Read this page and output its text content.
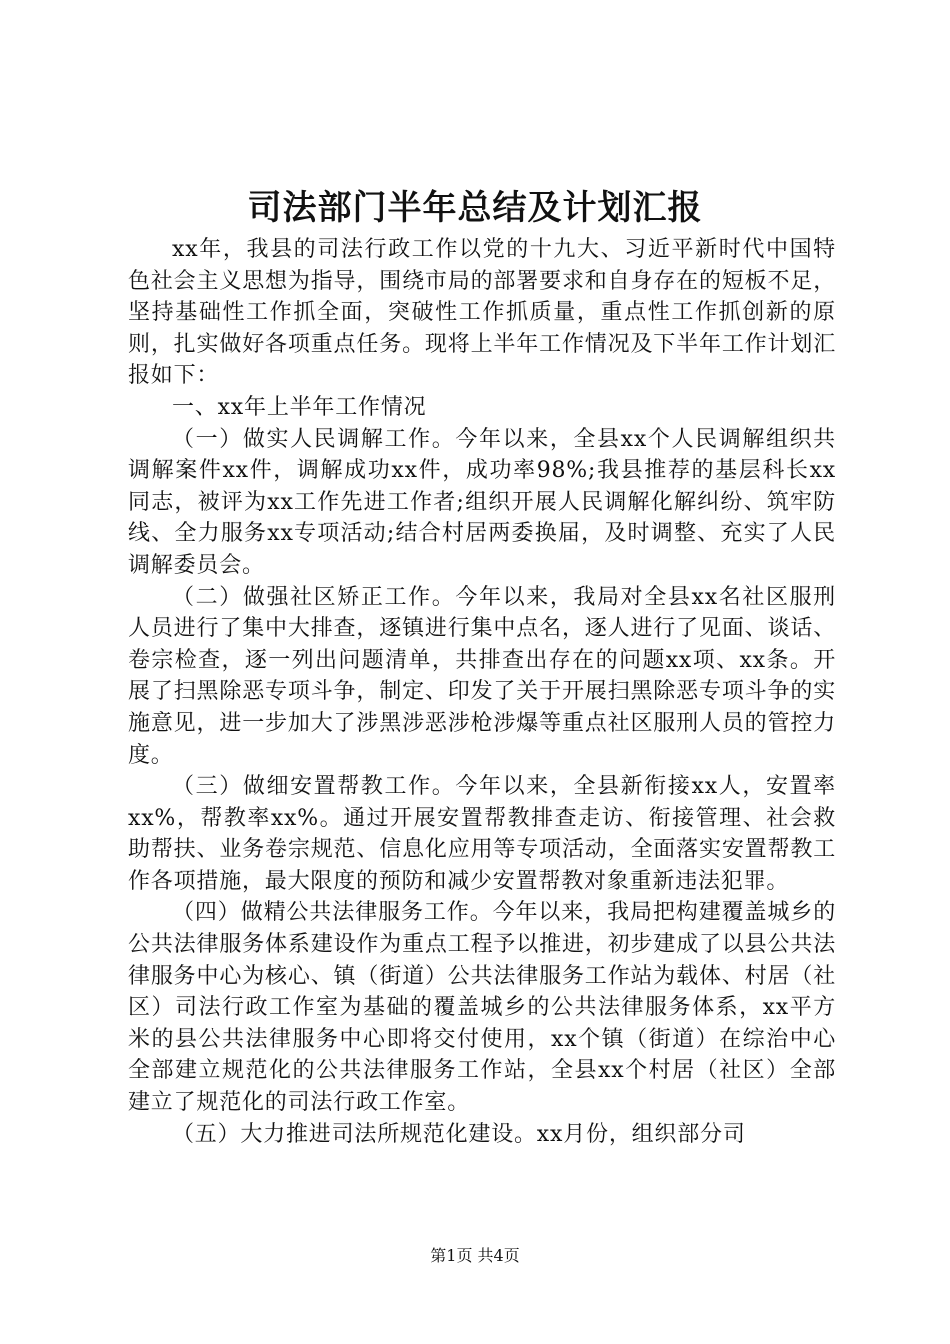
司法部门半年总结及计划汇报

xx年，我县的司法行政工作以党的十九大、习近平新时代中国特色社会主义思想为指导，围绕市局的部署要求和自身存在的短板不足，坚持基础性工作抓全面，突破性工作抓质量，重点性工作抓创新的原则，扎实做好各项重点任务。现将上半年工作情况及下半年工作计划汇报如下：

一、xx年上半年工作情况

（一）做实人民调解工作。今年以来，全县xx个人民调解组织共调解案件xx件，调解成功xx件，成功率98%;我县推荐的基层科长xx同志，被评为xx工作先进工作者;组织开展人民调解化解纠纷、筑牢防线、全力服务xx专项活动;结合村居两委换届，及时调整、充实了人民调解委员会。

（二）做强社区矫正工作。今年以来，我局对全县xx名社区服刑人员进行了集中大排查，逐镇进行集中点名，逐人进行了见面、谈话、卷宗检查，逐一列出问题清单，共排查出存在的问题xx项、xx条。开展了扫黑除恶专项斗争，制定、印发了关于开展扫黑除恶专项斗争的实施意见，进一步加大了涉黑涉恶涉枪涉爆等重点社区服刑人员的管控力度。

（三）做细安置帮教工作。今年以来，全县新衔接xx人，安置率xx%，帮教率xx%。通过开展安置帮教排查走访、衔接管理、社会救助帮扶、业务卷宗规范、信息化应用等专项活动，全面落实安置帮教工作各项措施，最大限度的预防和减少安置帮教对象重新违法犯罪。

（四）做精公共法律服务工作。今年以来，我局把构建覆盖城乡的公共法律服务体系建设作为重点工程予以推进，初步建成了以县公共法律服务中心为核心、镇（街道）公共法律服务工作站为载体、村居（社区）司法行政工作室为基础的覆盖城乡的公共法律服务体系，xx平方米的县公共法律服务中心即将交付使用，xx个镇（街道）在综治中心全部建立规范化的公共法律服务工作站，全县xx个村居（社区）全部建立了规范化的司法行政工作室。

（五）大力推进司法所规范化建设。xx月份，组织部分司

第1页 共4页
